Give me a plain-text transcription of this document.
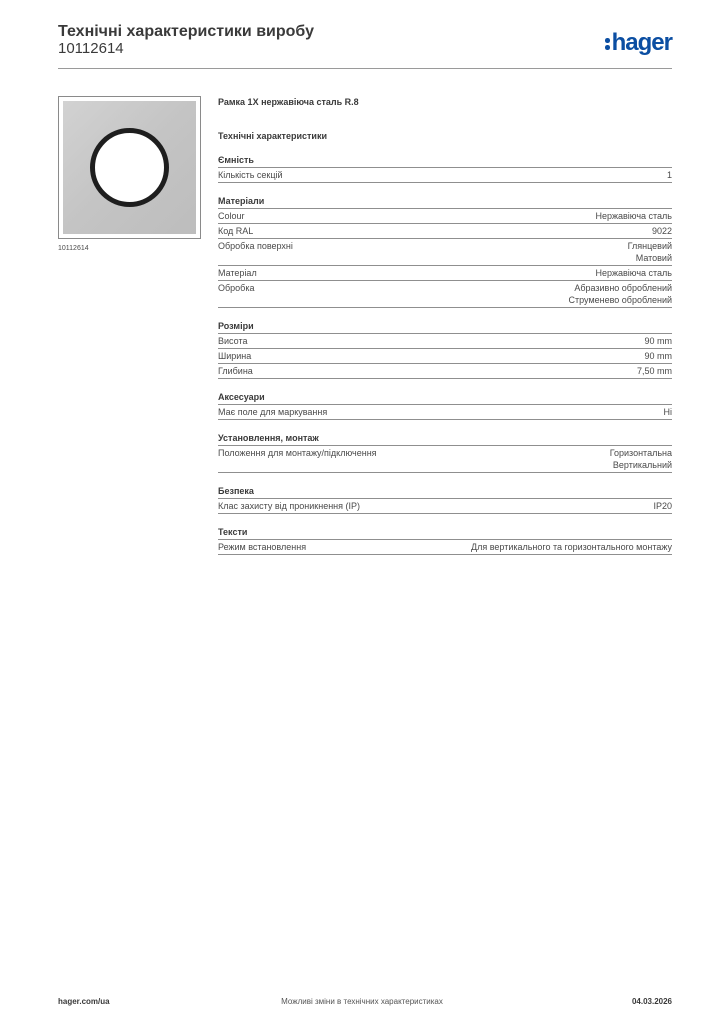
Технічні характеристики виробу
10112614	hager
10112614
Рамка 1X нержавіюча сталь R.8
Технічні характеристики
Ємність
Кількість секцій	1
Матеріали
Colour	Нержавіюча сталь
Код RAL	9022
Обробка поверхні	Глянцевий
Матовий
Матеріал	Нержавіюча сталь
Обробка	Абразивно оброблений
Струменево оброблений
Розміри
Висота	90 mm
Ширина	90 mm
Глибина	7,50 mm
Аксесуари
Має поле для маркування	Ні
Установлення, монтаж
Положення для монтажу/підключення	Горизонтальна
Вертикальний
Безпека
Клас захисту від проникнення (IP)	IP20
Тексти
Режим встановлення	Для вертикального та горизонтального монтажу
hager.com/ua	Можливі зміни в технічних характеристиках	04.03.2026
